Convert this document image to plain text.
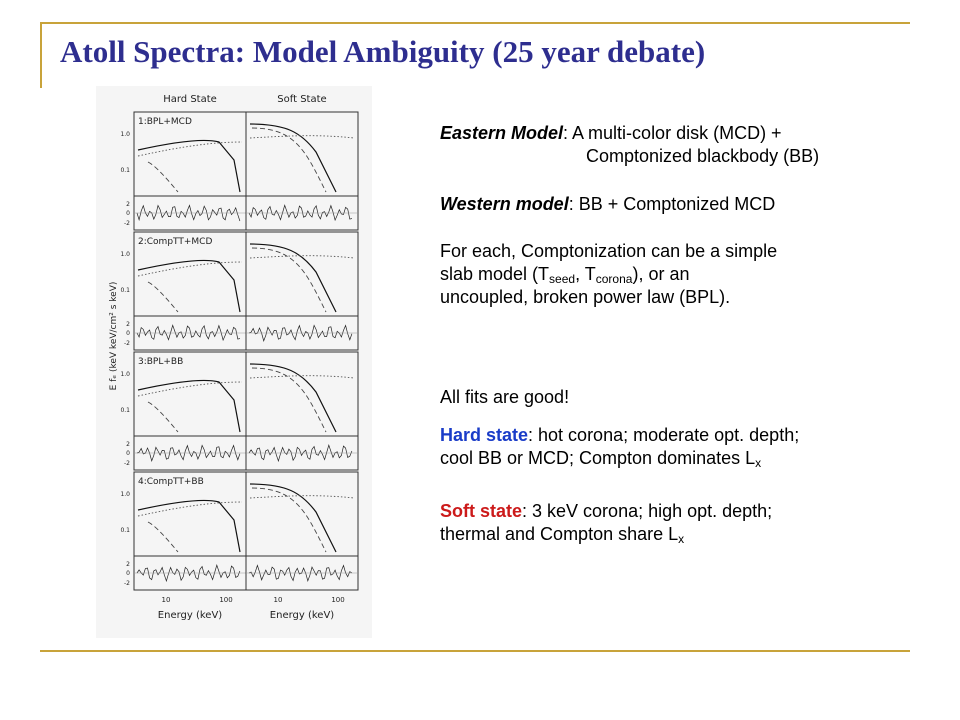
Atoll Spectra: Model Ambiguity (25 year debate)
Hard State	Soft State
1:BPL+MCD
1.0
0.1
2
0
-2
2:CompTT+MCD
1.0
0.1
2
0
-2
3:BPL+BB
1.0
0.1
2
0
-2
4:CompTT+BB
1.0
0.1
2
0
-2
10	100
Energy (keV)
10	100
Energy (keV)
E fₑ (keV keV/cm² s keV)
Eastern Model: A multi-color disk (MCD) +
Comptonized blackbody (BB)
Western model: BB + Comptonized MCD
For each, Comptonization can be a simple
slab model ($T_{seed}$, $T_{corona}$), or an
uncoupled, broken power law (BPL).
All fits are good!
Hard state: hot corona; moderate opt. depth;
cool BB or MCD; Compton dominates $L_x$
Soft state: 3 keV corona; high opt. depth;
thermal and Compton share $L_x$
